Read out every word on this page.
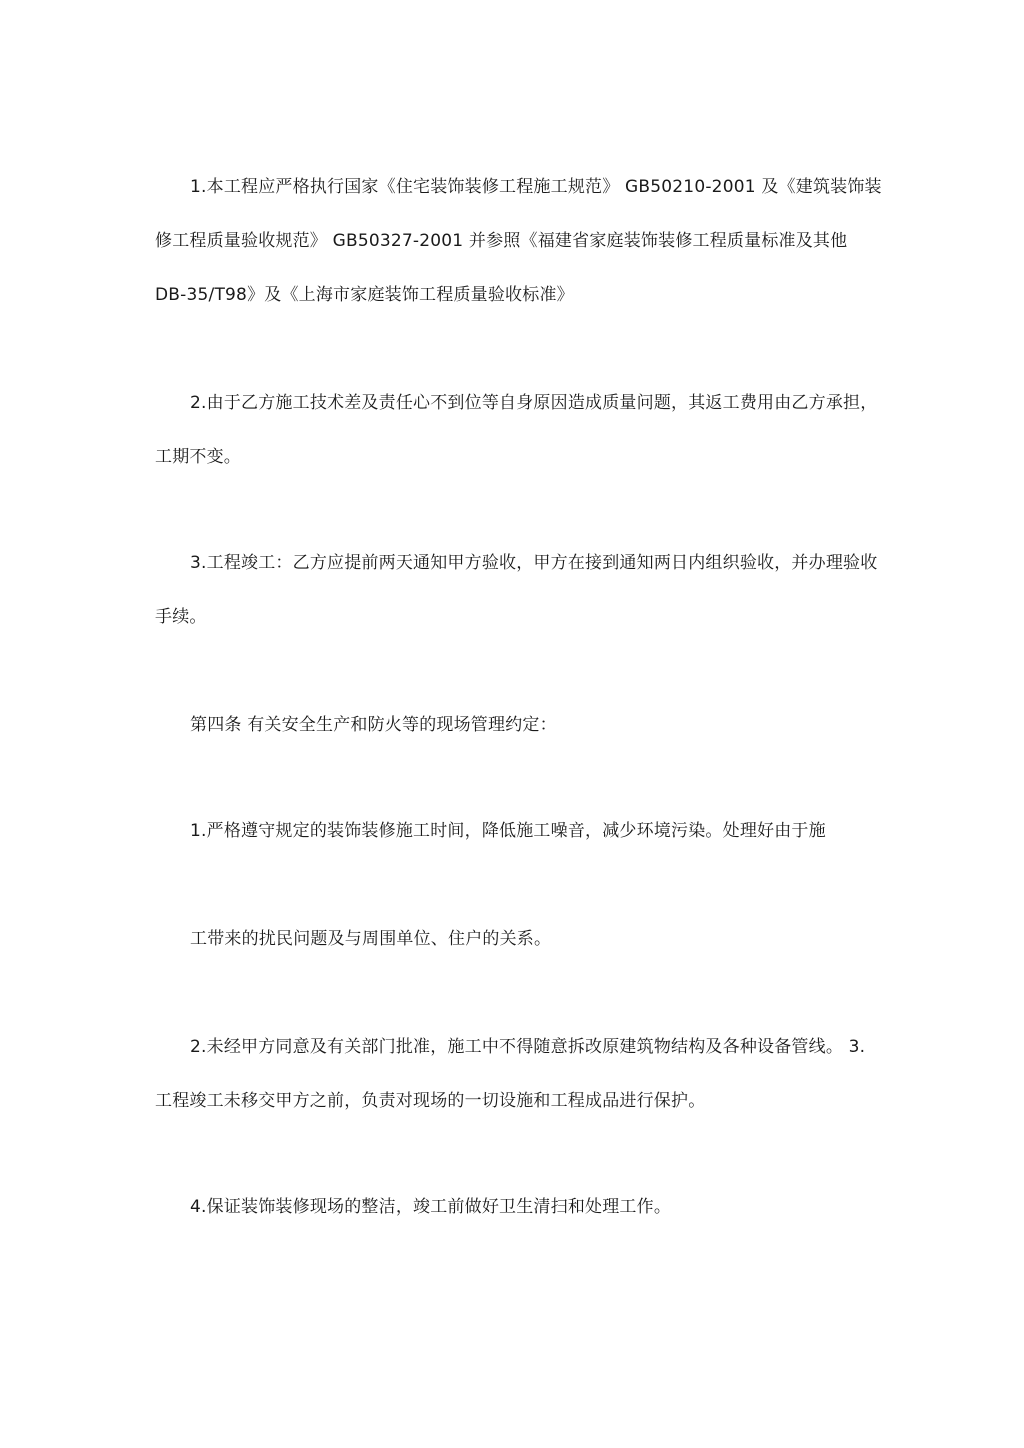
1.本工程应严格执行国家《住宅装饰装修工程施工规范》 GB50210-2001 及《建筑装饰装
修工程质量验收规范》 GB50327-2001 并参照《福建省家庭装饰装修工程质量标准及其他
DB-35/T98》及《上海市家庭装饰工程质量验收标准》
2.由于乙方施工技术差及责任心不到位等自身原因造成质量问题，其返工费用由乙方承担，
工期不变。
3.工程竣工：乙方应提前两天通知甲方验收，甲方在接到通知两日内组织验收，并办理验收
手续。
第四条 有关安全生产和防火等的现场管理约定：
1.严格遵守规定的装饰装修施工时间，降低施工噪音，减少环境污染。处理好由于施
工带来的扰民问题及与周围单位、住户的关系。
2.未经甲方同意及有关部门批准，施工中不得随意拆改原建筑物结构及各种设备管线。 3.
工程竣工未移交甲方之前，负责对现场的一切设施和工程成品进行保护。
4.保证装饰装修现场的整洁，竣工前做好卫生清扫和处理工作。
